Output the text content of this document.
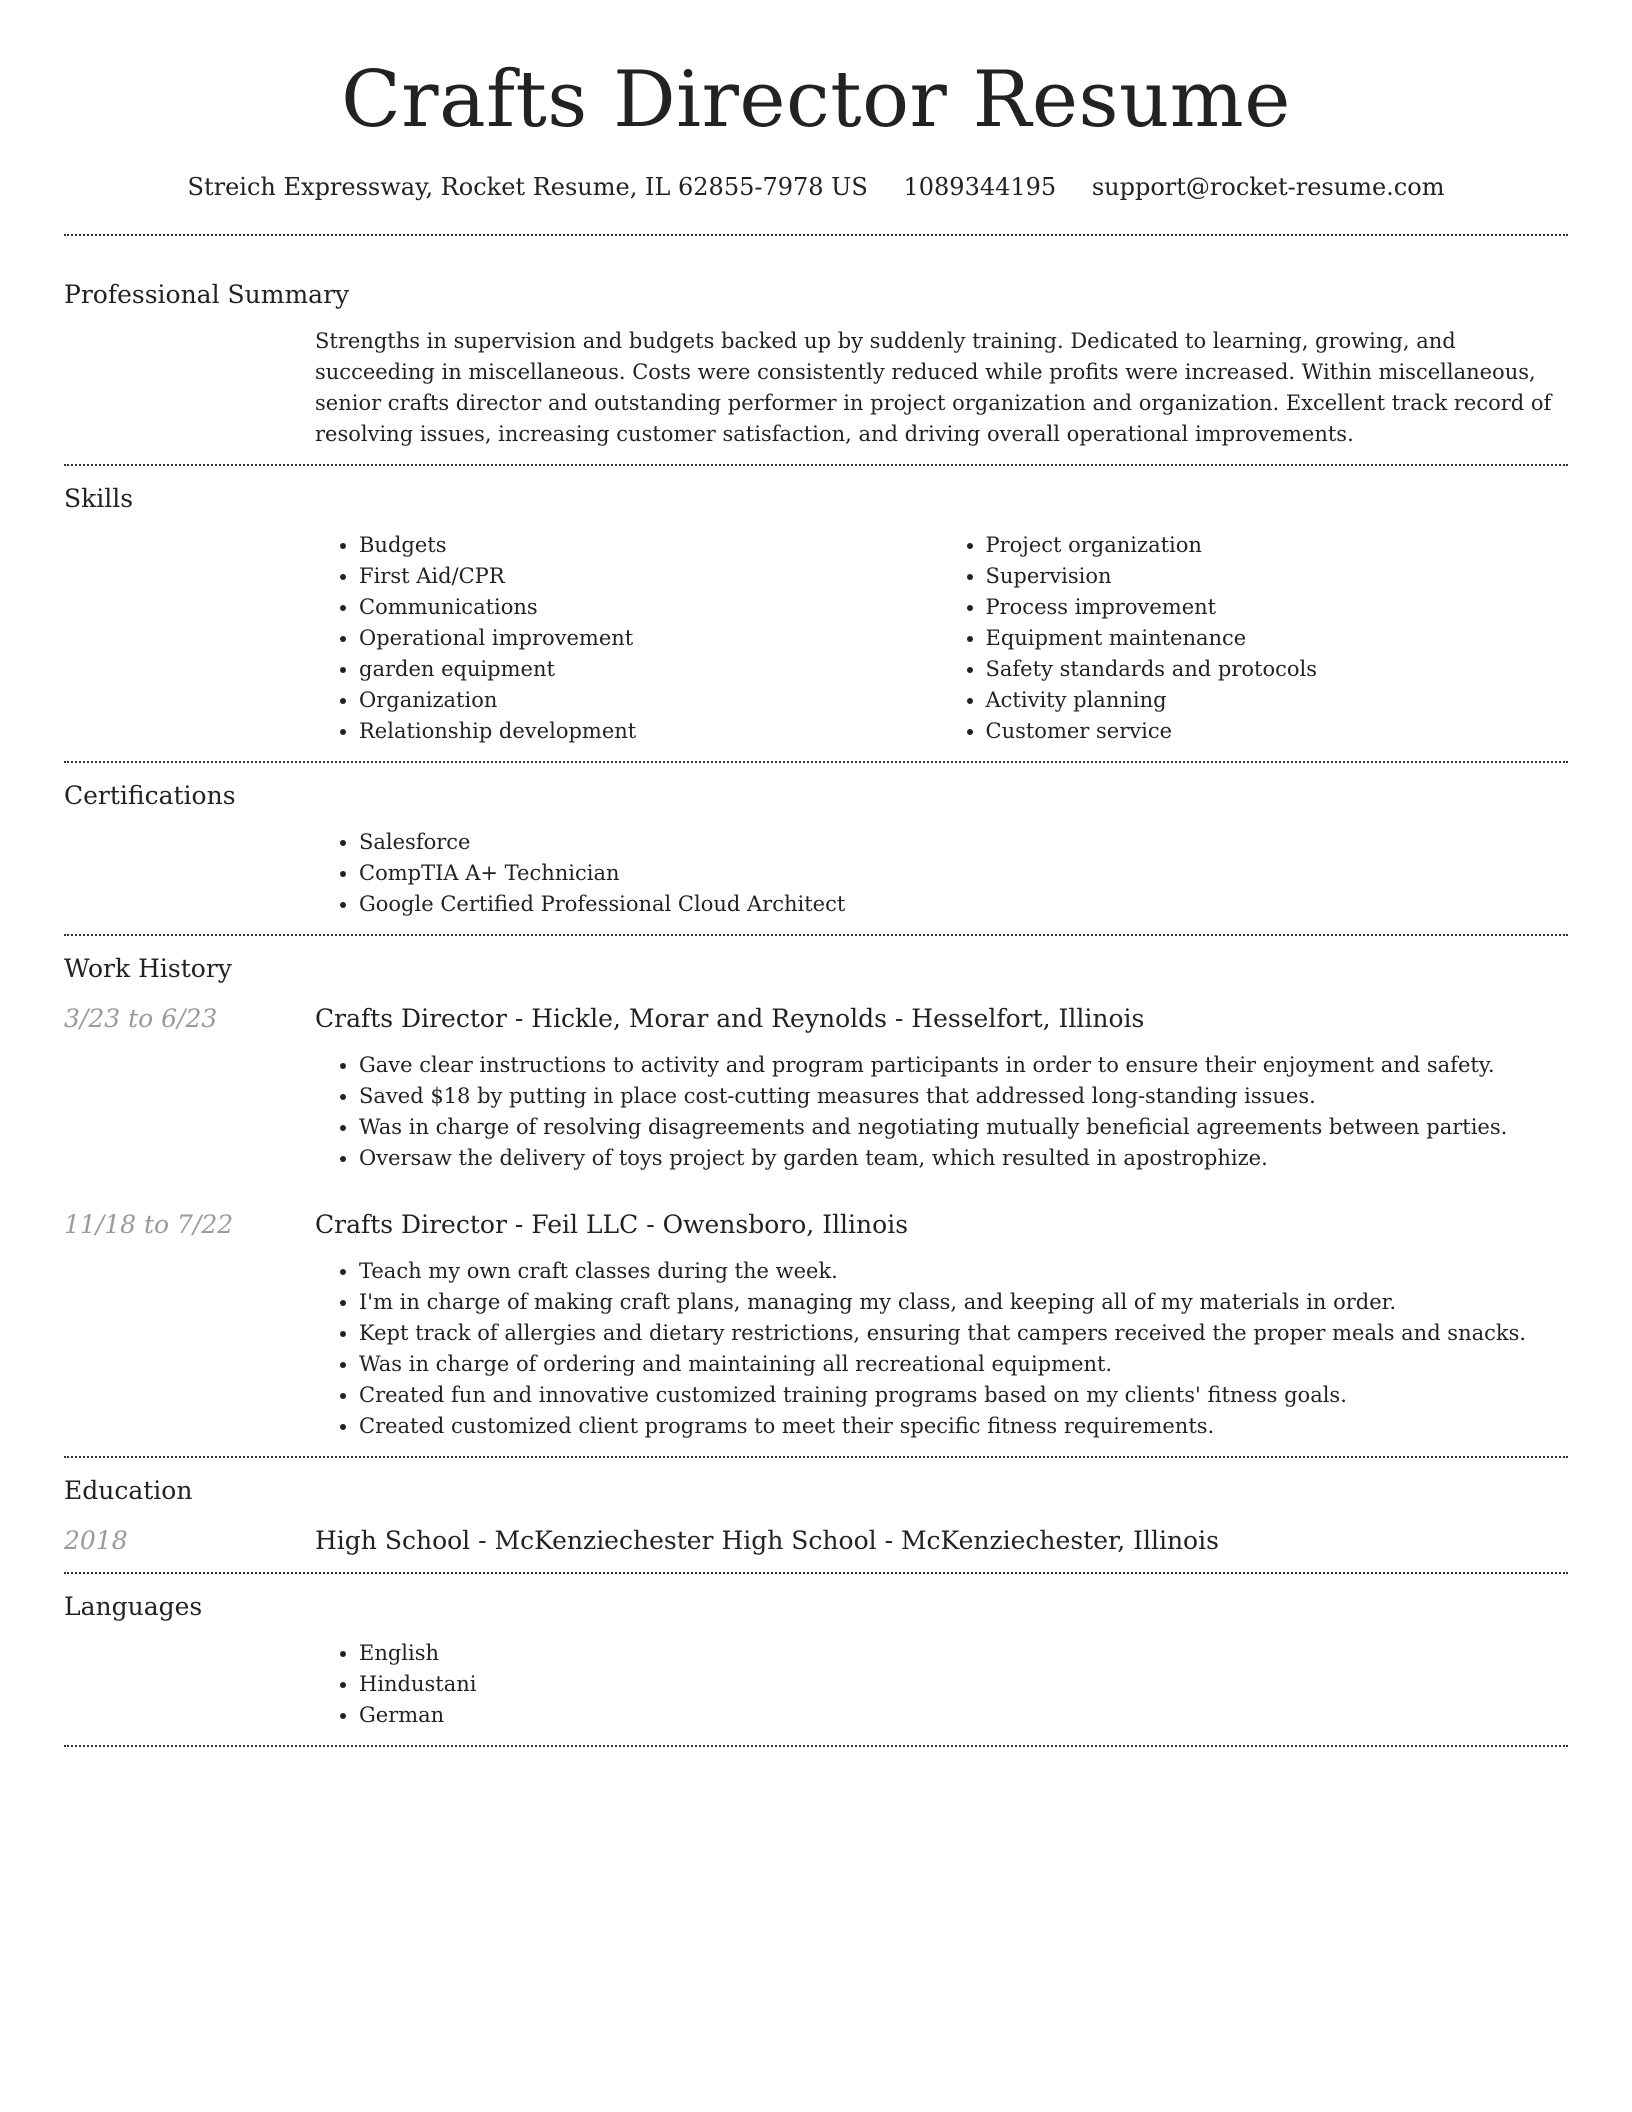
Crafts Director Resume
Streich Expressway, Rocket Resume, IL 62855-7978 US 1089344195 support@rocket-resume.com
Professional Summary
Strengths in supervision and budgets backed up by suddenly training. Dedicated to learning, growing, and succeeding in miscellaneous. Costs were consistently reduced while profits were increased. Within miscellaneous, senior crafts director and outstanding performer in project organization and organization. Excellent track record of resolving issues, increasing customer satisfaction, and driving overall operational improvements.
Skills
• Budgets
• First Aid/CPR
• Communications
• Operational improvement
• garden equipment
• Organization
• Relationship development
• Project organization
• Supervision
• Process improvement
• Equipment maintenance
• Safety standards and protocols
• Activity planning
• Customer service
Certifications
• Salesforce
• CompTIA A+ Technician
• Google Certified Professional Cloud Architect
Work History
3/23 to 6/23	Crafts Director - Hickle, Morar and Reynolds - Hesselfort, Illinois
• Gave clear instructions to activity and program participants in order to ensure their enjoyment and safety.
• Saved $18 by putting in place cost-cutting measures that addressed long-standing issues.
• Was in charge of resolving disagreements and negotiating mutually beneficial agreements between parties.
• Oversaw the delivery of toys project by garden team, which resulted in apostrophize.
11/18 to 7/22	Crafts Director - Feil LLC - Owensboro, Illinois
• Teach my own craft classes during the week.
• I'm in charge of making craft plans, managing my class, and keeping all of my materials in order.
• Kept track of allergies and dietary restrictions, ensuring that campers received the proper meals and snacks.
• Was in charge of ordering and maintaining all recreational equipment.
• Created fun and innovative customized training programs based on my clients' fitness goals.
• Created customized client programs to meet their specific fitness requirements.
Education
2018	High School - McKenziechester High School - McKenziechester, Illinois
Languages
• English
• Hindustani
• German
